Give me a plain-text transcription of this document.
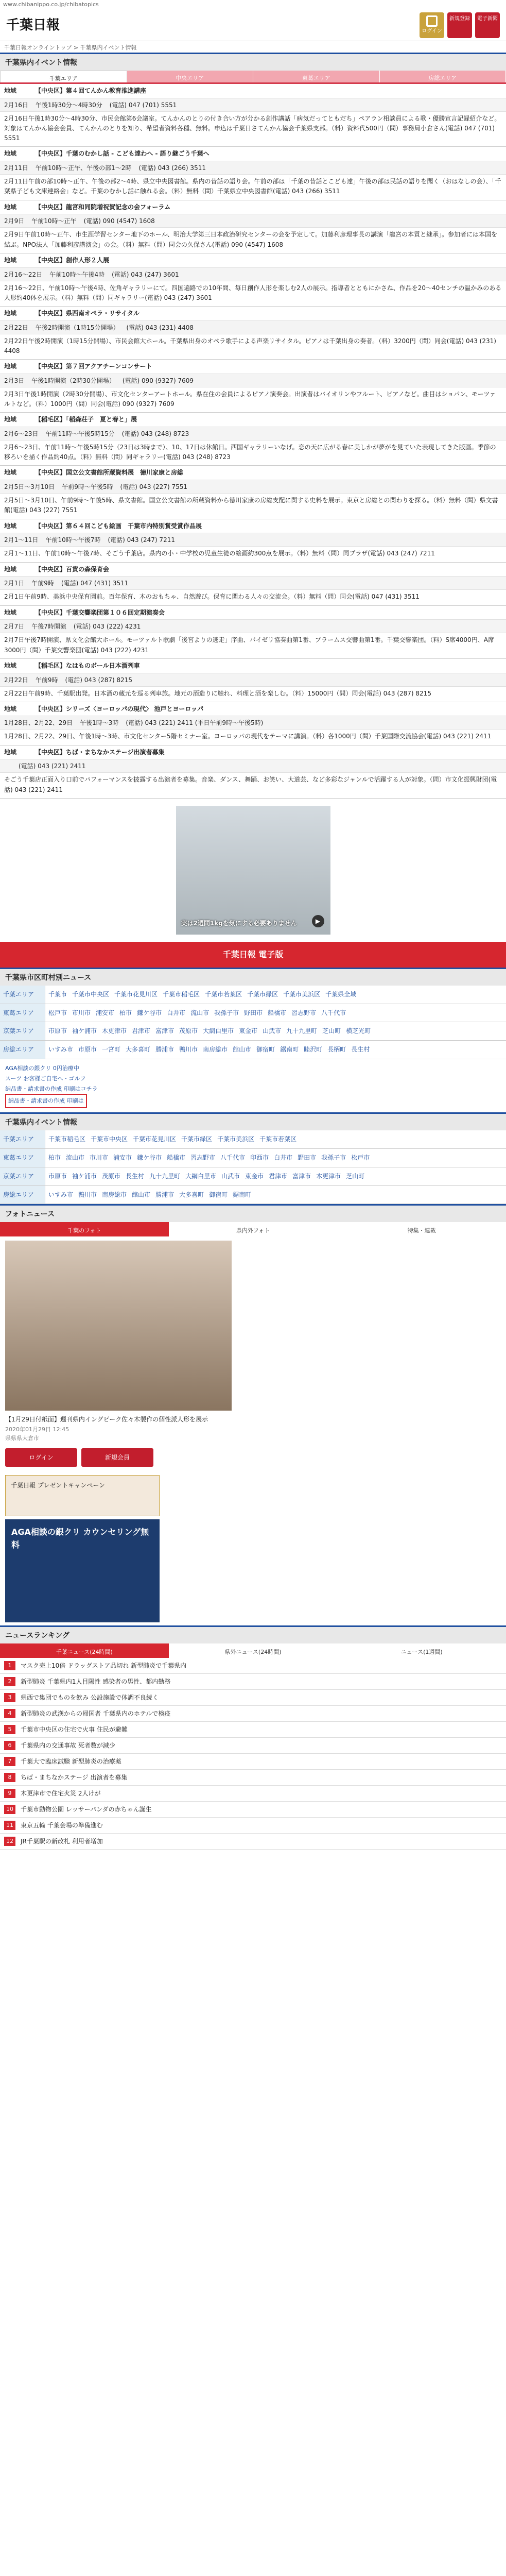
www.chibanippo.co.jp/chibatopics
千葉日報	ログイン
新規登録	電子新聞
千葉日報オンライントップ > 千葉県内イベント情報
千葉県内イベント情報
千葉エリア	中央エリア	東葛エリア	房総エリア
地域	【中央区】第４回てんかん教育推進講座
2月16日 午後1時30分～4時30分 (電話) 047 (701) 5551
2月16日午後1時30分～4時30分、市民会館第6会議室。てんかんのとりの付き合い方が分かる創作講話「病気だってともだち」ペアラン相談員による歌・優勝宣言記録紹介など。対象はてんかん協会会員、てんかんのとりを知り、希望者資料各種、無料。申込は千葉日さてんかん協会千葉県支部。（料）資料代500円（問）事務局小倉さん(電話) 047 (701) 5551
地域	【中央区】千葉のむかし話 - こども達わへ - 語り継ごう千葉へ
2月11日 午前10時～正午、午後の部1～2時 (電話) 043 (266) 3511
2月11日午前の部10時～正午、午後の部2～4時、県立中央図書館。県内の昔話の語り会。午前の部は「千葉の昔話とこども達」午後の部は民話の語りを聞く（おはなしの会）、「千葉県子ども文庫連絡会」など。千葉のむかし話に触れる会。（料）無料（問）千葉県立中央図書館(電話) 043 (266) 3511
地域	【中央区】龍宮和同院増祝賀記念の会フォーラム
2月9日 午前10時～正午 (電話) 090 (4547) 1608
2月9日午前10時～正午、市生涯学習センター地下のホール、明治大学第三日本政治研究センターの会を予定して。加藤利彦理事長の講演「龍宮の本質と継承」。参加者には本国を結ぶ。NPO法人「加藤利彦講演会」の会。（料）無料（問）同会の久保さん(電話) 090 (4547) 1608
地域	【中央区】創作人形２人展
2月16～22日 午前10時～午後4時 (電話) 043 (247) 3601
2月16～22日、午前10時～午後4時、佐角ギャラリーにて。四国遍路での10年間、毎日創作人形を楽しむ2人の展示。指導者とともにかさね、作品を20～40センチの温かみのある人形約40体を展示。（料）無料（問）同ギャラリー(電話) 043 (247) 3601
地域	【中央区】県西南オペラ・リサイタル
2月22日 午後2時開演（1時15分開場） (電話) 043 (231) 4408
2月22日午後2時開演（1時15分開場）、市民会館大ホール。千葉県出身のオペラ歌手による声楽リサイタル。ピアノは千葉出身の奏者。（料）3200円（問）同会(電話) 043 (231) 4408
地域	【中央区】第７回アクアチーンコンサート
2月3日 午後1時開演（2時30分開場） (電話) 090 (9327) 7609
2月3日午後1時開演（2時30分開場）、市文化センターアートホール。県在住の会員によるピアノ演奏会。出演者はバイオリンやフルート、ピアノなど。曲目はショパン、モーツァルトなど。（料）1000円（問）同会(電話) 090 (9327) 7609
地域	【稲毛区】「稲森荘子　夏と春と」展
2月6～23日 午前11時～午後5時15分 (電話) 043 (248) 8723
2月6～23日、午前11時～午後5時15分（23日は3時まで）、10、17日は休館日。西国ギャラリーいなげ。恋の天に広がる春に美しかが夢がを見ていた表現してきた版画。季節の移ろいを描く作品約40点。（料）無料（問）同ギャラリー(電話) 043 (248) 8723
地域	【中央区】国立公文書館所蔵資料展　徳川家康と房総
2月5日～3月10日 午前9時～午後5時 (電話) 043 (227) 7551
2月5日～3月10日、午前9時～午後5時、県文書館。国立公文書館の所蔵資料から徳川家康の房総支配に関する史料を展示。東京と房総との関わりを探る。（料）無料（問）県文書館(電話) 043 (227) 7551
地域	【中央区】第６４回こども絵画　千葉市内特別賞受賞作品展
2月1～11日 午前10時～午後7時 (電話) 043 (247) 7211
2月1～11日、午前10時～午後7時、そごう千葉店。県内の小・中学校の児童生徒の絵画約300点を展示。（料）無料（問）同プラザ(電話) 043 (247) 7211
地域	【中央区】百貨の森保育会
2月1日 午前9時 (電話) 047 (431) 3511
2月1日午前9時、美浜中央保育園前。百年保育、木のおもちゃ、自然遊び。保育に関わる人々の交流会。（料）無料（問）同会(電話) 047 (431) 3511
地域	【中央区】千葉交響楽団第１０６回定期演奏会
2月7日 午後7時開演 (電話) 043 (222) 4231
2月7日午後7時開演、県文化会館大ホール。モーツァルト歌劇「後宮よりの逃走」序曲、パイゼリ協奏曲第1番、ブラームス交響曲第1番。千葉交響楽団。（料）S席4000円、A席3000円（問）千葉交響楽団(電話) 043 (222) 4231
地域	【稲毛区】なはものボール日本酒列車
2月22日 午前9時 (電話) 043 (287) 8215
2月22日午前9時、千葉駅出発。日本酒の蔵元を巡る列車旅。地元の酒造りに触れ、料理と酒を楽しむ。（料）15000円（問）同会(電話) 043 (287) 8215
地域	【中央区】シリーズ〈ヨーロッパの現代〉 池戸とヨーロッパ
1月28日、2月22、29日 午後1時～3時 (電話) 043 (221) 2411 (平日午前9時～午後5時)
1月28日、2月22、29日、午後1時～3時、市文化センター5階セミナー室。ヨーロッパの現代をテーマに講演。（料）各1000円（問）千葉国際交流協会(電話) 043 (221) 2411
地域	【中央区】ちば・まちなかステージ出演者募集
(電話) 043 (221) 2411
そごう千葉店正面入り口前でパフォーマンスを披露する出演者を募集。音楽、ダンス、舞踊、お笑い、大道芸、など多彩なジャンルで活躍する人が対象。（問）市文化振興財団(電話) 043 (221) 2411
実は2週間1kgを気にする必要ありません	▶
千葉日報 電子版
千葉県市区町村別ニュース
千葉エリア	千葉市 千葉市中央区 千葉市花見川区 千葉市稲毛区 千葉市若葉区 千葉市緑区 千葉市美浜区 千葉県全域
東葛エリア	松戸市 市川市 浦安市 柏市 鎌ケ谷市 白井市 流山市 我孫子市 野田市 船橋市 習志野市 八千代市
京葉エリア	市原市 袖ケ浦市 木更津市 君津市 富津市 茂原市 大網白里市 東金市 山武市 九十九里町 芝山町 横芝光町
房総エリア	いすみ市 市原市 一宮町 大多喜町 勝浦市 鴨川市 南房総市 館山市 御宿町 鋸南町 睦沢町 長柄町 長生村
AGA相談の銀クリ 0円治療中
スーツ お客様ご自宅へ・ゴルフ
納品書・請求書の作成 印刷はコチラ
納品書・請求書の作成 印刷は
千葉県内イベント情報
千葉エリア	千葉市稲毛区 千葉市中央区 千葉市花見川区 千葉市緑区 千葉市美浜区 千葉市若葉区
東葛エリア	柏市 流山市 市川市 浦安市 鎌ケ谷市 船橋市 習志野市 八千代市 印西市 白井市 野田市 我孫子市 松戸市
京葉エリア	市原市 袖ケ浦市 茂原市 長生村 九十九里町 大網白里市 山武市 東金市 君津市 富津市 木更津市 芝山町
房総エリア	いすみ市 鴨川市 南房総市 館山市 勝浦市 大多喜町 御宿町 鋸南町
フォトニュース
千葉のフォト	県内外フォト	特集・連載
【1月29日付紙面】週刊県内イングピーク佐々木製作の個性派人形を展示
2020年01月29日 12:45
県県県大倉市
ログイン	新規会員
千葉日報 プレゼントキャンペーン
AGA相談の銀クリ カウンセリング無料
ニュースランキング
千葉ニュース(24時間)	県外ニュース(24時間)	ニュース(1週間)
1	マスク売上10倍 ドラッグストア品切れ 新型肺炎で千葉県内
2	新型肺炎 千葉県内1人目陽性 感染者の男性、都内勤務
3	県西で集団でものを飲み 公設施設で体調不良続く
4	新型肺炎の武漢からの帰国者 千葉県内のホテルで検疫
5	千葉市中央区の住宅で火事 住民が避難
6	千葉県内の交通事故 死者数が減少
7	千葉大で臨床試験 新型肺炎の治療薬
8	ちば・まちなかステージ 出演者を募集
9	木更津市で住宅火災 2人けが
10	千葉市動物公園 レッサーパンダの赤ちゃん誕生
11	東京五輪 千葉会場の準備進む
12	JR千葉駅の新改札 利用者増加
